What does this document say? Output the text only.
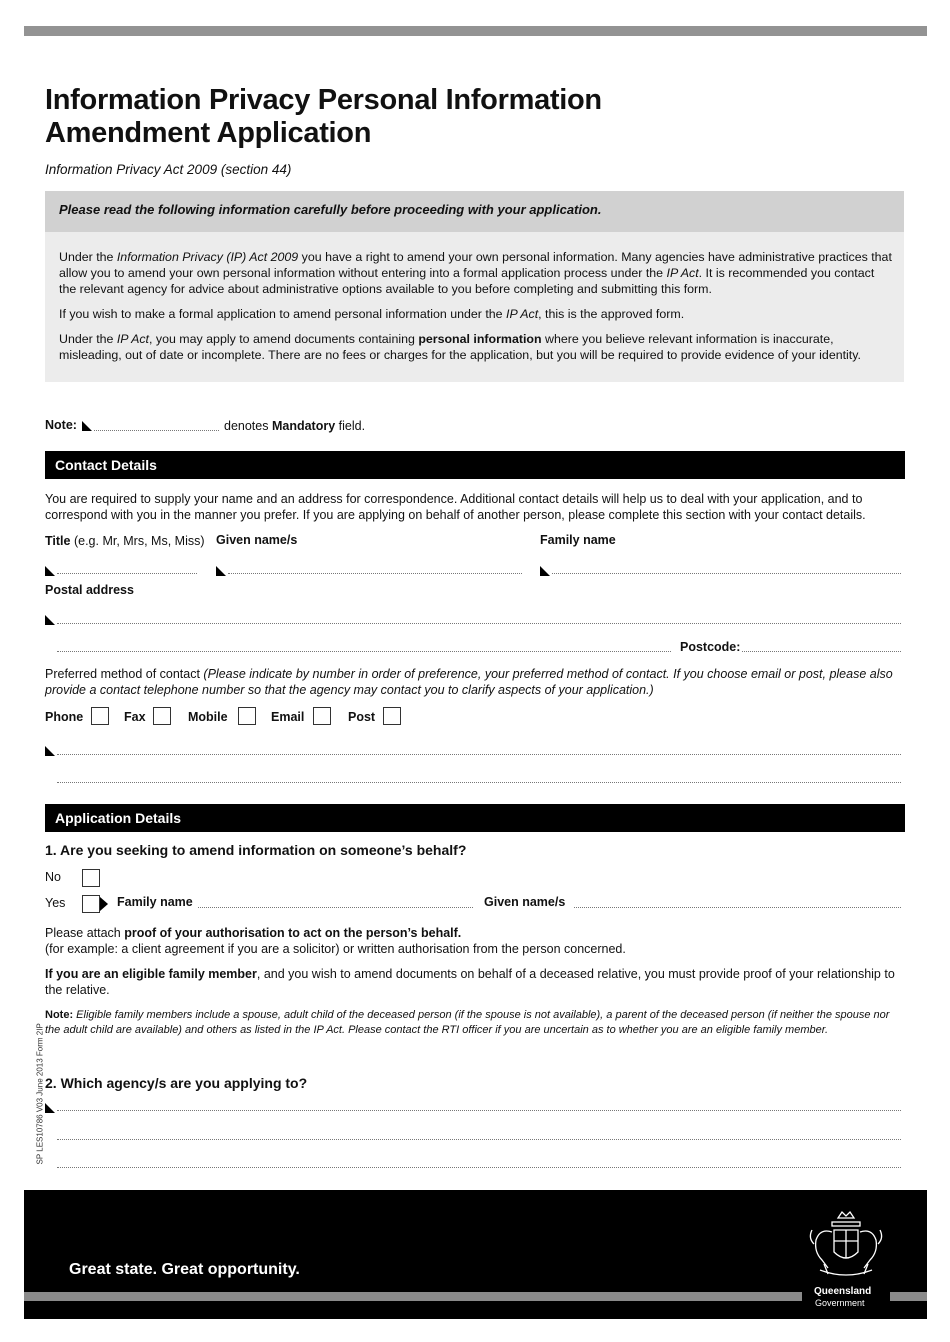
Information Privacy Personal Information
Amendment Application
Information Privacy Act 2009 (section 44)
Please read the following information carefully before proceeding with your application.
Under the Information Privacy (IP) Act 2009 you have a right to amend your own personal information. Many agencies have administrative practices that allow you to amend your own personal information without entering into a formal application process under the IP Act. It is recommended you contact the relevant agency for advice about administrative options available to you before completing and submitting this form.
If you wish to make a formal application to amend personal information under the IP Act, this is the approved form.
Under the IP Act, you may apply to amend documents containing personal information where you believe relevant information is inaccurate, misleading, out of date or incomplete. There are no fees or charges for the application, but you will be required to provide evidence of your identity.
Note:	denotes Mandatory field.
Contact Details
You are required to supply your name and an address for correspondence. Additional contact details will help us to deal with your application, and to correspond with you in the manner you prefer. If you are applying on behalf of another person, please complete this section with your contact details.
Title (e.g. Mr, Mrs, Ms, Miss) Given name/s	Family name
Postal address
Postcode:
Preferred method of contact (Please indicate by number in order of preference, your preferred method of contact. If you choose email or post, please also provide a contact telephone number so that the agency may contact you to clarify aspects of your application.)
Phone	Fax	Mobile	Email	Post
Application Details
1. Are you seeking to amend information on someone’s behalf?
No
Yes	Family name	Given name/s
Please attach proof of your authorisation to act on the person’s behalf.
(for example: a client agreement if you are a solicitor) or written authorisation from the person concerned.
If you are an eligible family member, and you wish to amend documents on behalf of a deceased relative, you must provide proof of your relationship to the relative.
Note: Eligible family members include a spouse, adult child of the deceased person (if the spouse is not available), a parent of the deceased person (if neither the spouse nor the adult child are available) and others as listed in the IP Act. Please contact the RTI officer if you are uncertain as to whether you are an eligible family member.
2. Which agency/s are you applying to?
SP LES10786 V03 June 2013 Form 2IP
Great state. Great opportunity.
Queensland
Government
